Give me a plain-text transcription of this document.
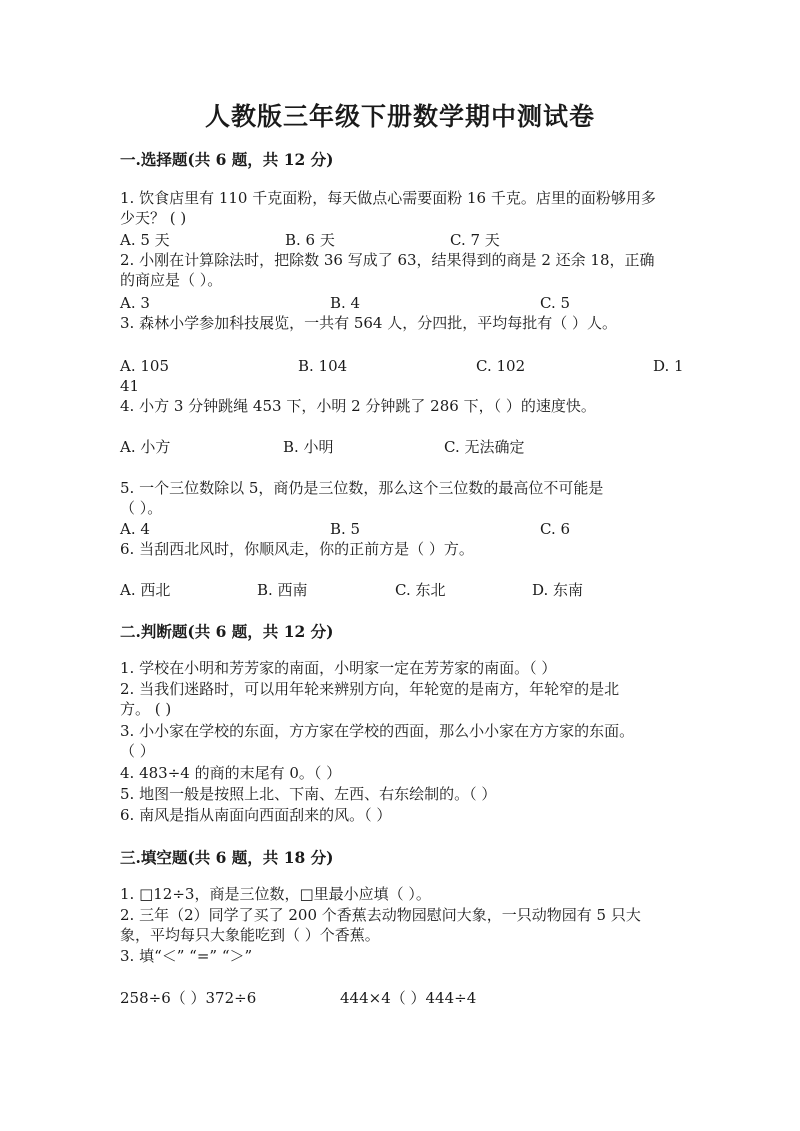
人教版三年级下册数学期中测试卷
一.选择题(共 6 题，共 12 分)
1. 饮食店里有 110 千克面粉，每天做点心需要面粉 16 千克。店里的面粉够用多
少天？ ( )
A. 5 天	B. 6 天	C. 7 天
2. 小刚在计算除法时，把除数 36 写成了 63，结果得到的商是 2 还余 18，正确
的商应是（ ）。
A. 3	B. 4	C. 5
3. 森林小学参加科技展览，一共有 564 人，分四批，平均每批有（ ）人。
A. 105	B. 104	C. 102	D. 1
41
4. 小方 3 分钟跳绳 453 下，小明 2 分钟跳了 286 下，（ ）的速度快。
A. 小方	B. 小明	C. 无法确定
5. 一个三位数除以 5，商仍是三位数，那么这个三位数的最高位不可能是
（ ）。
A. 4	B. 5	C. 6
6. 当刮西北风时，你顺风走，你的正前方是（ ）方。
A. 西北	B. 西南	C. 东北	D. 东南
二.判断题(共 6 题，共 12 分)
1. 学校在小明和芳芳家的南面，小明家一定在芳芳家的南面。（ ）
2. 当我们迷路时，可以用年轮来辨别方向，年轮宽的是南方，年轮窄的是北
方。 ( )
3. 小小家在学校的东面，方方家在学校的西面，那么小小家在方方家的东面。
（ ）
4. 483÷4 的商的末尾有 0。（ ）
5. 地图一般是按照上北、下南、左西、右东绘制的。（ ）
6. 南风是指从南面向西面刮来的风。（ ）
三.填空题(共 6 题，共 18 分)
1. □12÷3，商是三位数，□里最小应填（ ）。
2. 三年（2）同学了买了 200 个香蕉去动物园慰问大象，一只动物园有 5 只大
象，平均每只大象能吃到（ ）个香蕉。
3. 填“＜” “=” “＞”
258÷6（ ）372÷6	444×4（ ）444÷4
